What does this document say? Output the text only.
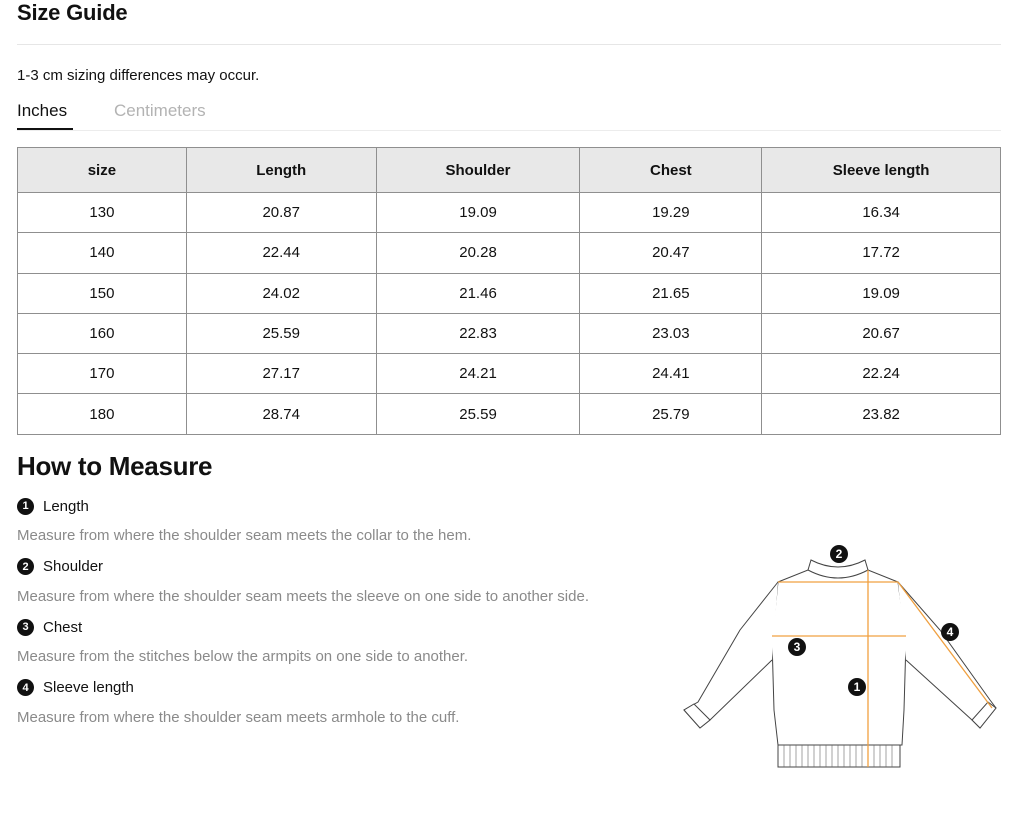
Size Guide
1-3 cm sizing differences may occur.
Inches	Centimeters
size	Length	Shoulder	Chest	Sleeve length
130	20.87	19.09	19.29	16.34
140	22.44	20.28	20.47	17.72
150	24.02	21.46	21.65	19.09
160	25.59	22.83	23.03	20.67
170	27.17	24.21	24.41	22.24
180	28.74	25.59	25.79	23.82
How to Measure
1 Length
Measure from where the shoulder seam meets the collar to the hem.
2 Shoulder
Measure from where the shoulder seam meets the sleeve on one side to another side.
3 Chest
Measure from the stitches below the armpits on one side to another.
4 Sleeve length
Measure from where the shoulder seam meets armhole to the cuff.
2
3
1
4
